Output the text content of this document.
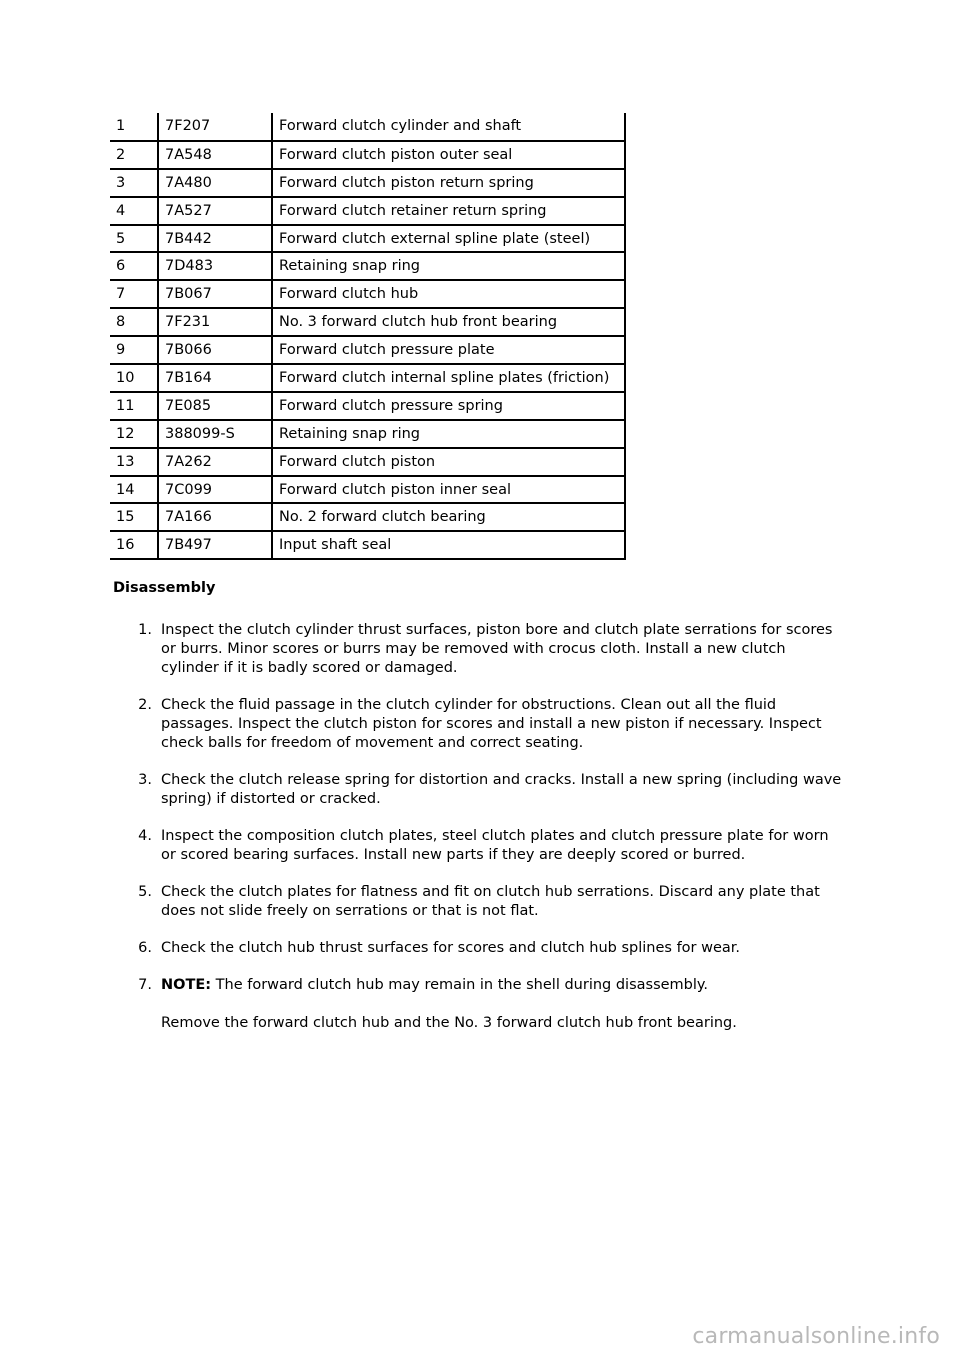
1	7F207	Forward clutch cylinder and shaft
2	7A548	Forward clutch piston outer seal
3	7A480	Forward clutch piston return spring
4	7A527	Forward clutch retainer return spring
5	7B442	Forward clutch external spline plate (steel)
6	7D483	Retaining snap ring
7	7B067	Forward clutch hub
8	7F231	No. 3 forward clutch hub front bearing
9	7B066	Forward clutch pressure plate
10	7B164	Forward clutch internal spline plates (friction)
11	7E085	Forward clutch pressure spring
12	388099-S	Retaining snap ring
13	7A262	Forward clutch piston
14	7C099	Forward clutch piston inner seal
15	7A166	No. 2 forward clutch bearing
16	7B497	Input shaft seal
Disassembly
1. Inspect the clutch cylinder thrust surfaces, piston bore and clutch plate serrations for scores or burrs. Minor scores or burrs may be removed with crocus cloth. Install a new clutch cylinder if it is badly scored or damaged.
2. Check the fluid passage in the clutch cylinder for obstructions. Clean out all the fluid passages. Inspect the clutch piston for scores and install a new piston if necessary. Inspect check balls for freedom of movement and correct seating.
3. Check the clutch release spring for distortion and cracks. Install a new spring (including wave spring) if distorted or cracked.
4. Inspect the composition clutch plates, steel clutch plates and clutch pressure plate for worn or scored bearing surfaces. Install new parts if they are deeply scored or burred.
5. Check the clutch plates for flatness and fit on clutch hub serrations. Discard any plate that does not slide freely on serrations or that is not flat.
6. Check the clutch hub thrust surfaces for scores and clutch hub splines for wear.
7. NOTE: The forward clutch hub may remain in the shell during disassembly.
Remove the forward clutch hub and the No. 3 forward clutch hub front bearing.
carmanualsonline.info
